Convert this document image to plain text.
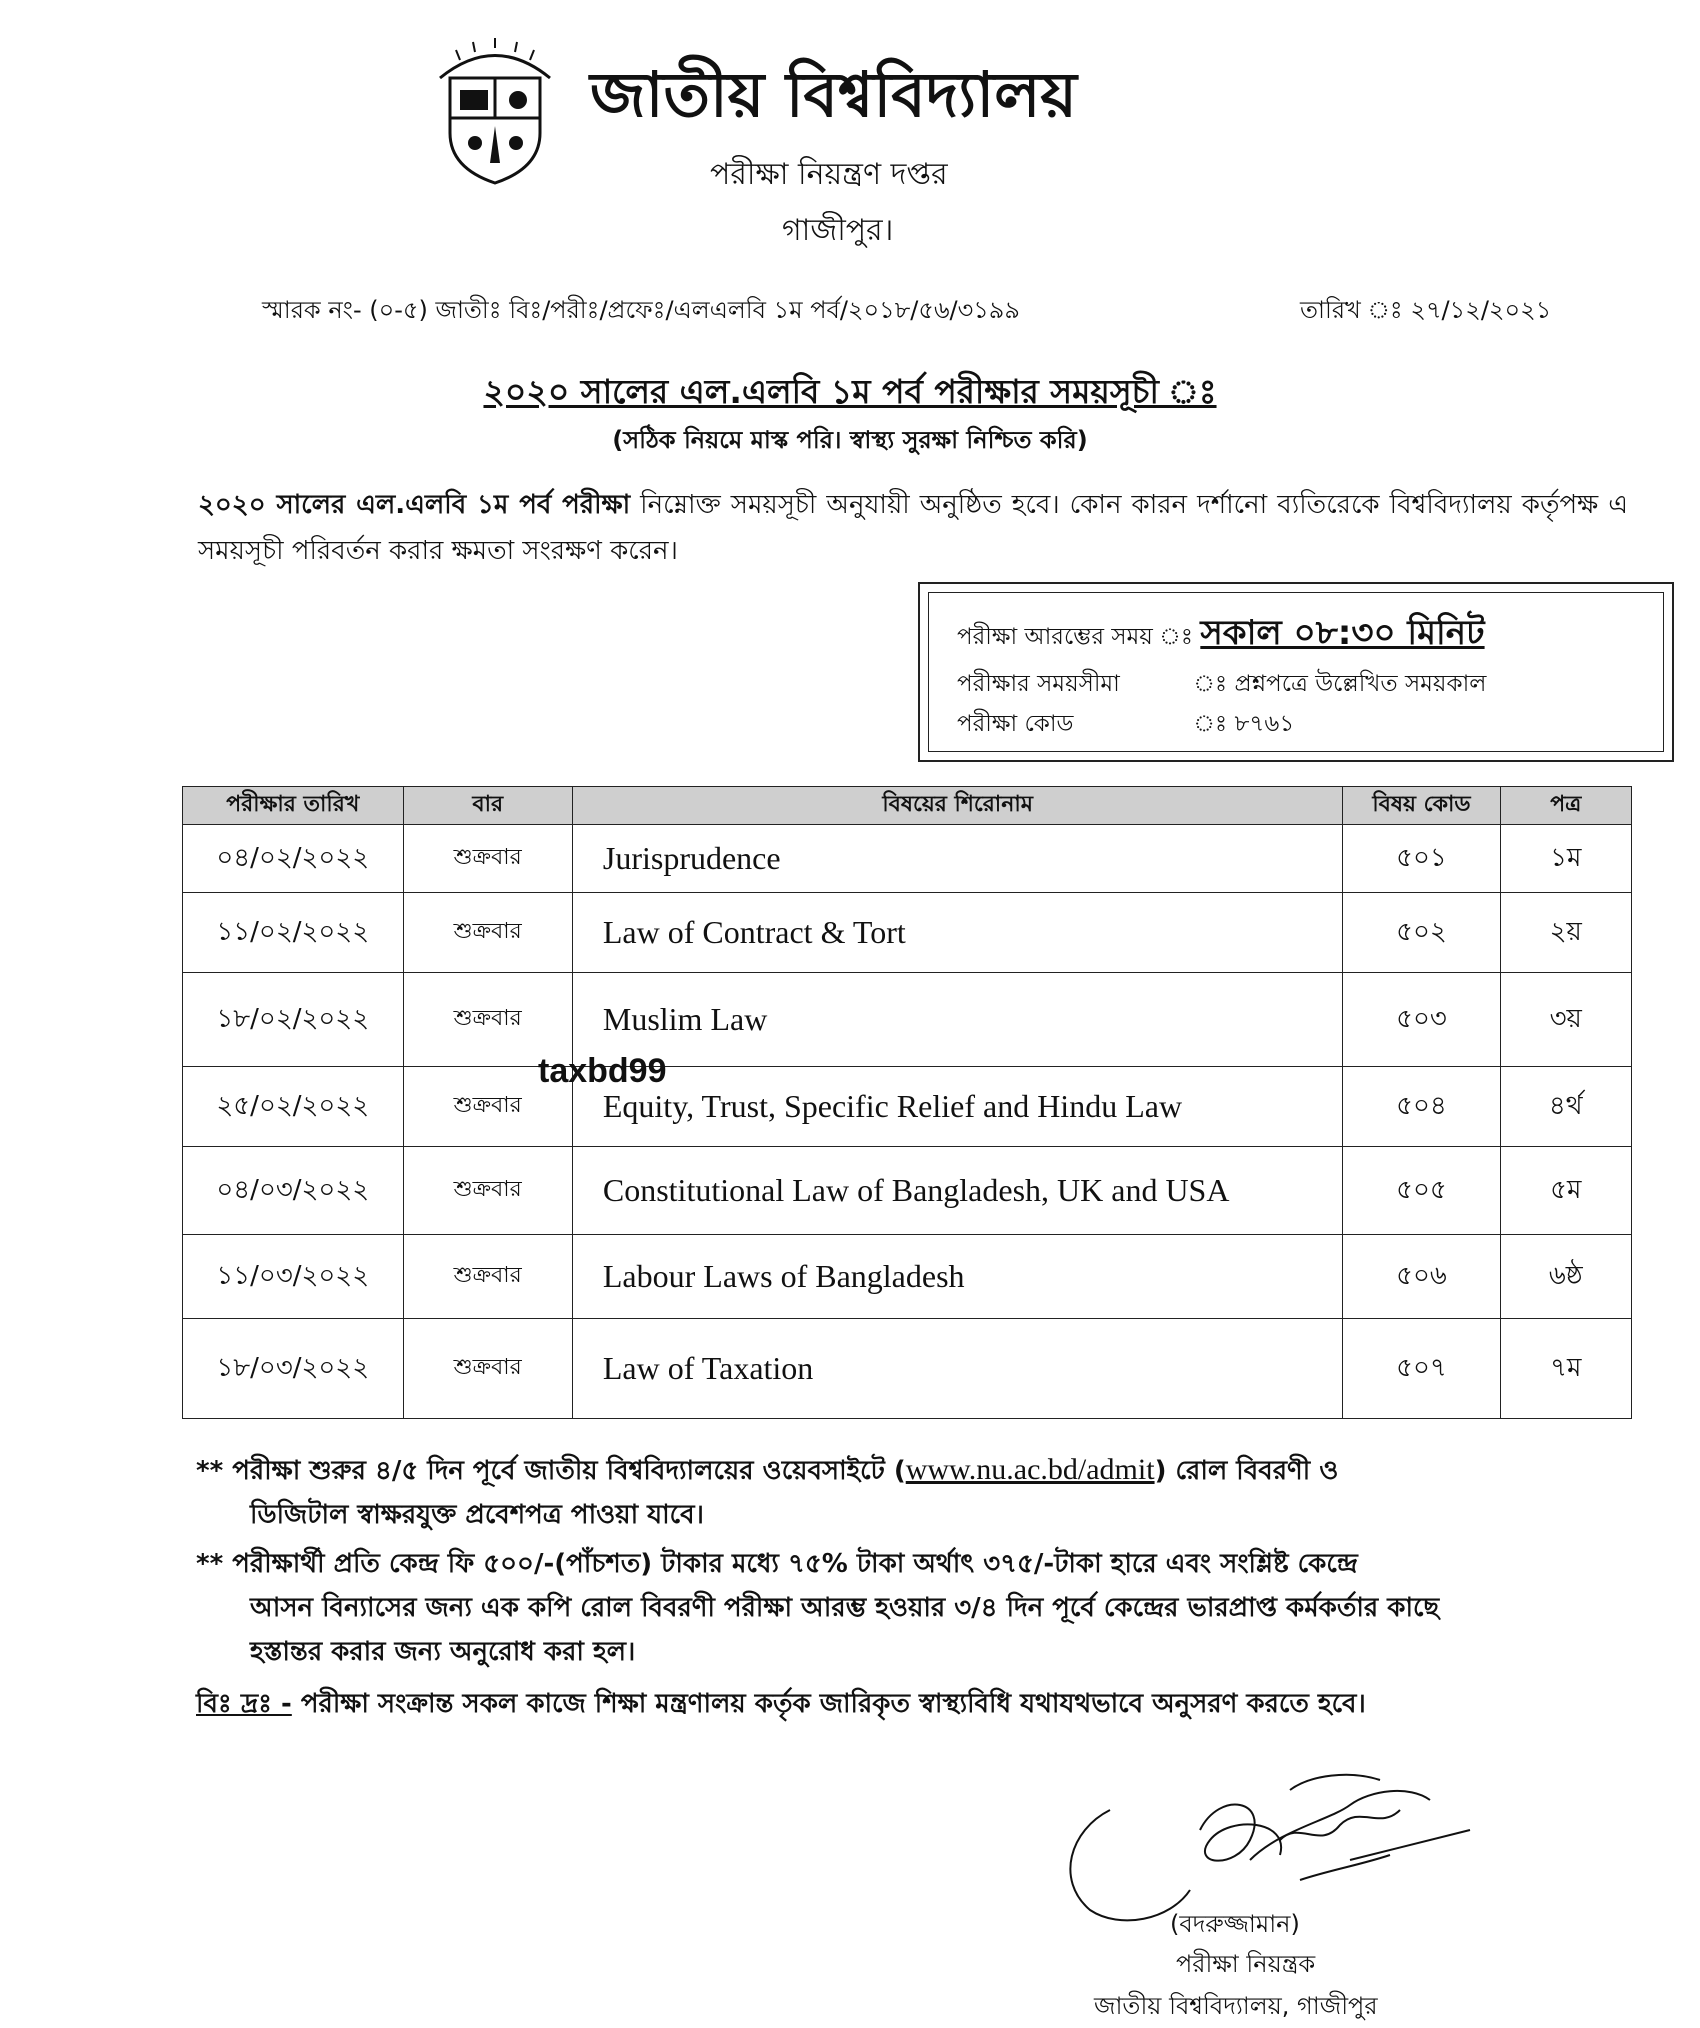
জাতীয় বিশ্ববিদ্যালয়
পরীক্ষা নিয়ন্ত্রণ দপ্তর
গাজীপুর।
স্মারক নং- (০-৫) জাতীঃ বিঃ/পরীঃ/প্রফেঃ/এলএলবি ১ম পর্ব/২০১৮/৫৬/৩১৯৯	তারিখ ঃ ২৭/১২/২০২১
২০২০ সালের এল.এলবি ১ম পর্ব পরীক্ষার সময়সূচী ঃ
(সঠিক নিয়মে মাস্ক পরি। স্বাস্থ্য সুরক্ষা নিশ্চিত করি)
২০২০ সালের এল.এলবি ১ম পর্ব পরীক্ষা নিম্নোক্ত সময়সূচী অনুযায়ী অনুষ্ঠিত হবে। কোন কারন দর্শানো ব্যতিরেকে বিশ্ববিদ্যালয় কর্তৃপক্ষ এ সময়সূচী পরিবর্তন করার ক্ষমতা সংরক্ষণ করেন।
পরীক্ষা আরম্ভের সময় ঃ সকাল ০৮:৩০ মিনিট
পরীক্ষার সময়সীমা	ঃ প্রশ্নপত্রে উল্লেখিত সময়কাল
পরীক্ষা কোড	ঃ ৮৭৬১
পরীক্ষার তারিখ	বার	বিষয়ের শিরোনাম	বিষয় কোড	পত্র
০৪/০২/২০২২	শুক্রবার	Jurisprudence	৫০১	১ম
১১/০২/২০২২	শুক্রবার	Law of Contract & Tort	৫০২	২য়
১৮/০২/২০২২	শুক্রবার	Muslim Law	৫০৩	৩য়
২৫/০২/২০২২	শুক্রবার	Equity, Trust, Specific Relief and Hindu Law	৫০৪	৪র্থ
০৪/০৩/২০২২	শুক্রবার	Constitutional Law of Bangladesh, UK and USA	৫০৫	৫ম
১১/০৩/২০২২	শুক্রবার	Labour Laws of Bangladesh	৫০৬	৬ষ্ঠ
১৮/০৩/২০২২	শুক্রবার	Law of Taxation	৫০৭	৭ম
taxbd99
** পরীক্ষা শুরুর ৪/৫ দিন পূর্বে জাতীয় বিশ্ববিদ্যালয়ের ওয়েবসাইটে (www.nu.ac.bd/admit) রোল বিবরণী ও
ডিজিটাল স্বাক্ষরযুক্ত প্রবেশপত্র পাওয়া যাবে।
** পরীক্ষার্থী প্রতি কেন্দ্র ফি ৫০০/-(পাঁচশত) টাকার মধ্যে ৭৫% টাকা অর্থাৎ ৩৭৫/-টাকা হারে এবং সংশ্লিষ্ট কেন্দ্রে
আসন বিন্যাসের জন্য এক কপি রোল বিবরণী পরীক্ষা আরম্ভ হওয়ার ৩/৪ দিন পূর্বে কেন্দ্রের ভারপ্রাপ্ত কর্মকর্তার কাছে
হস্তান্তর করার জন্য অনুরোধ করা হল।
বিঃ দ্রঃ - পরীক্ষা সংক্রান্ত সকল কাজে শিক্ষা মন্ত্রণালয় কর্তৃক জারিকৃত স্বাস্থ্যবিধি যথাযথভাবে অনুসরণ করতে হবে।
(বদরুজ্জামান)
পরীক্ষা নিয়ন্ত্রক
জাতীয় বিশ্ববিদ্যালয়, গাজীপুর
